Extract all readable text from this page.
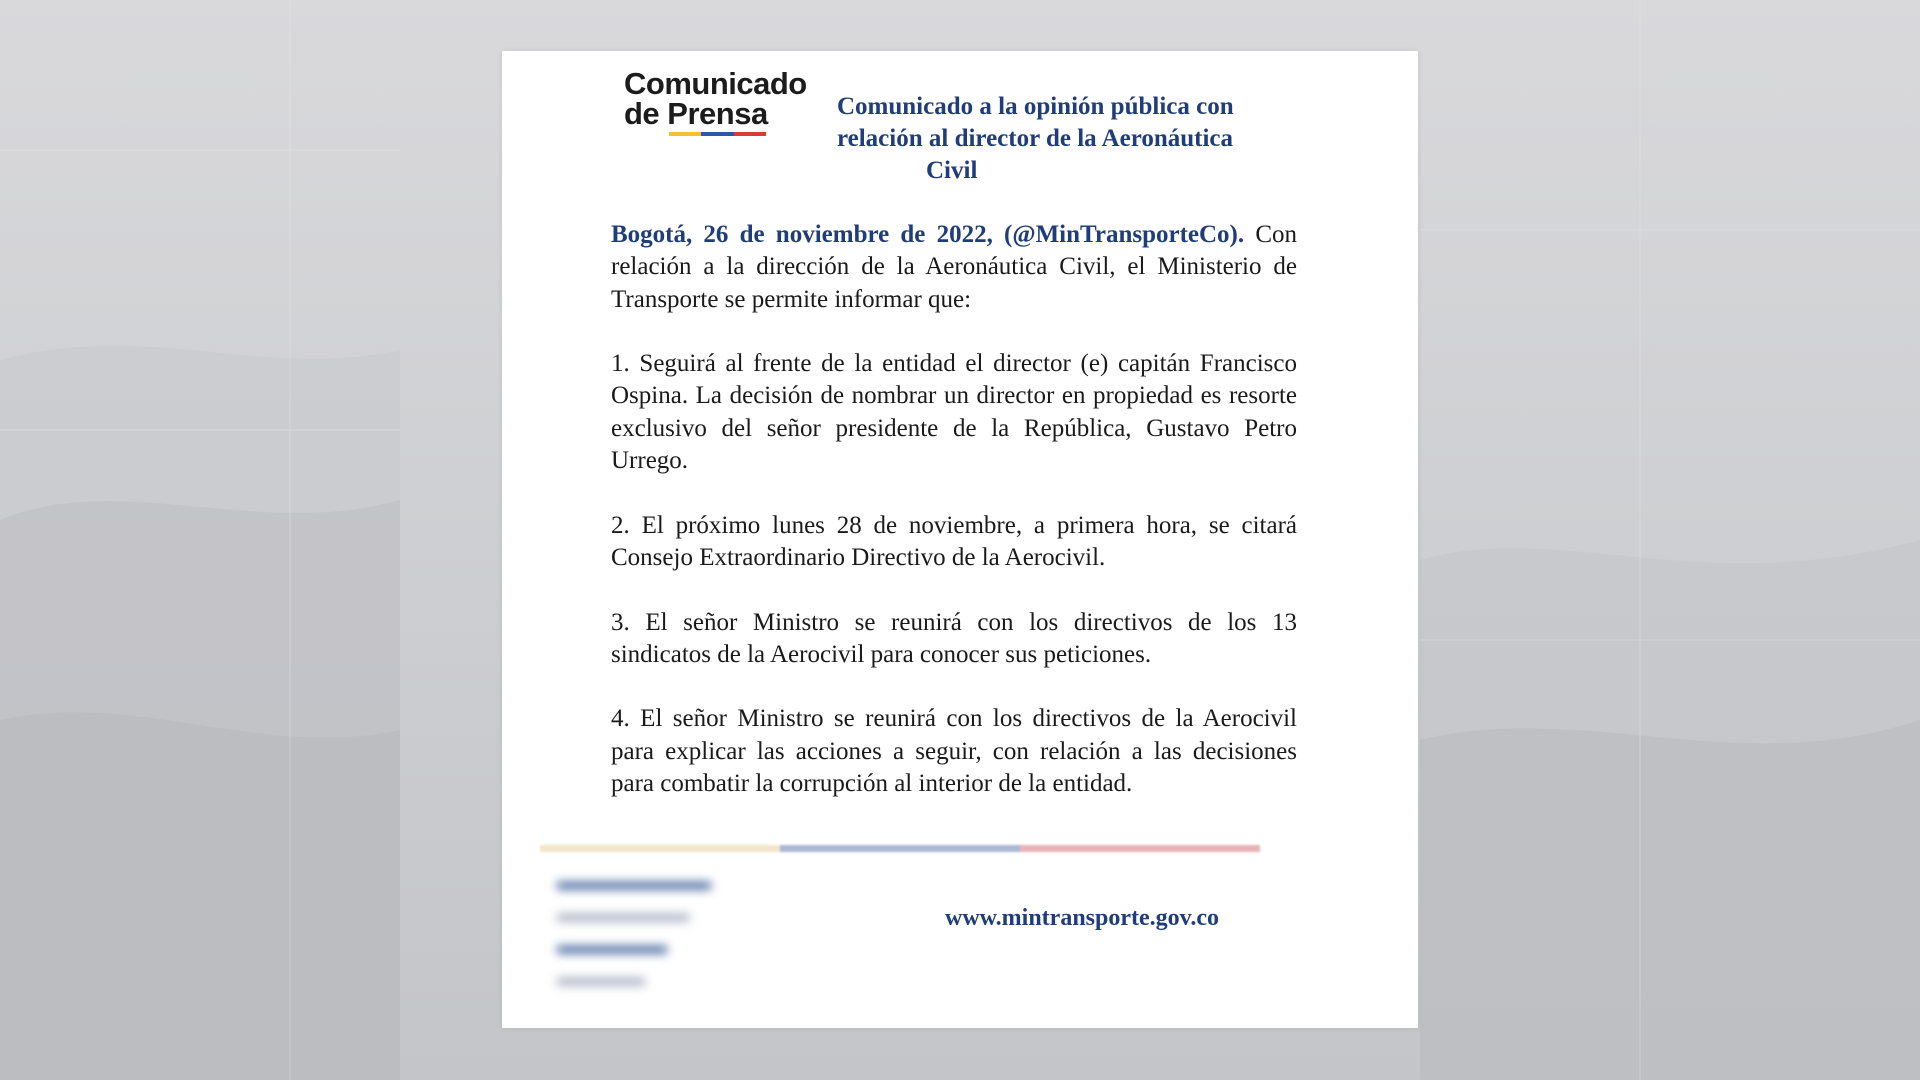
Comunicado
de Prensa	Comunicado a la opinión pública con
relación al director de la Aeronáutica
Civil

Bogotá, 26 de noviembre de 2022, (@MinTransporteCo). Con relación a la dirección de la Aeronáutica Civil, el Ministerio de Transporte se permite informar que:

1. Seguirá al frente de la entidad el director (e) capitán Francisco Ospina. La decisión de nombrar un director en propiedad es resorte exclusivo del señor presidente de la República, Gustavo Petro Urrego.

2. El próximo lunes 28 de noviembre, a primera hora, se citará Consejo Extraordinario Directivo de la Aerocivil.

3. El señor Ministro se reunirá con los directivos de los 13 sindicatos de la Aerocivil para conocer sus peticiones.

4. El señor Ministro se reunirá con los directivos de la Aerocivil para explicar las acciones a seguir, con relación a las decisiones para combatir la corrupción al interior de la entidad.

▬▬▬▬▬▬▬
▬▬▬▬▬▬
▬▬▬▬▬
▬▬▬▬
www.mintransporte.gov.co
